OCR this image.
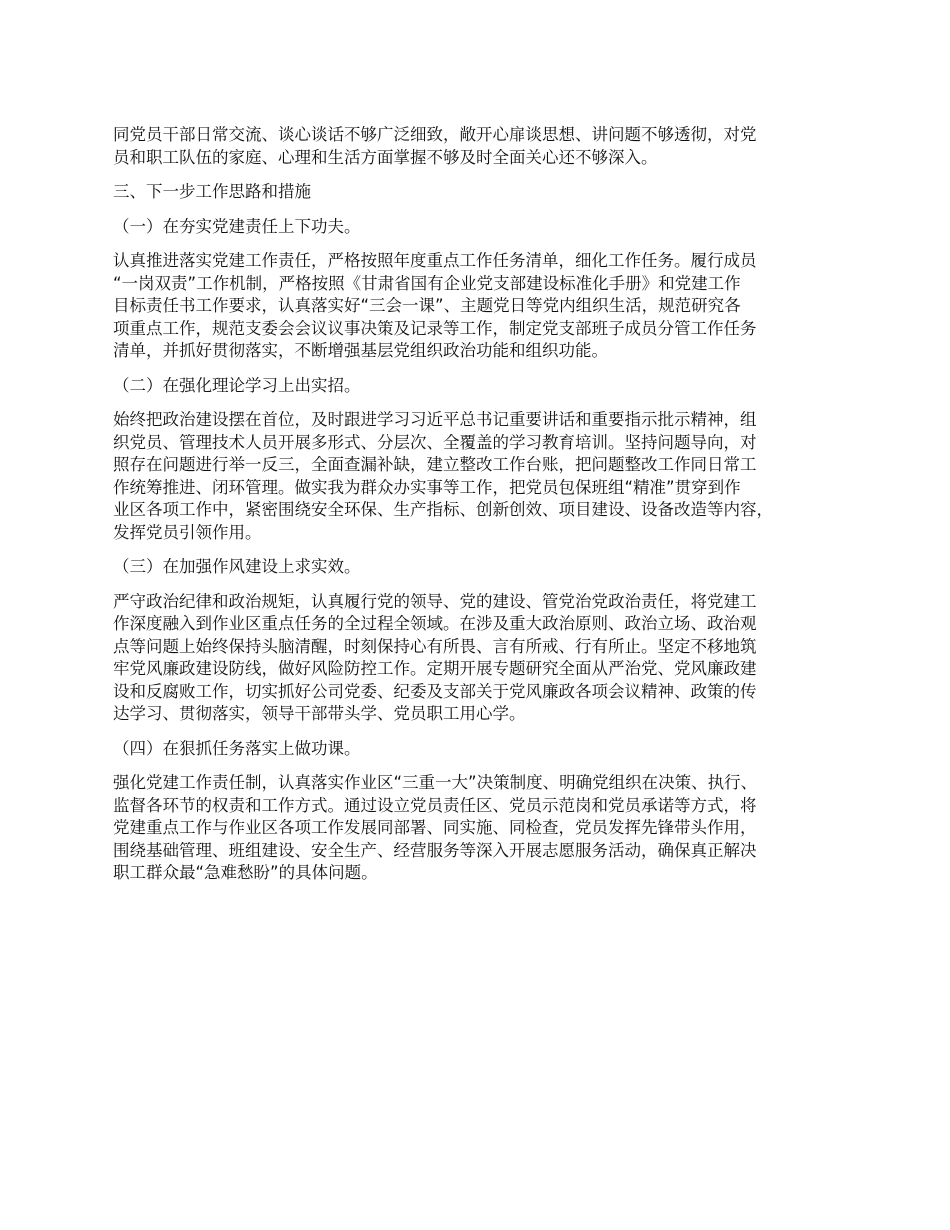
同党员干部日常交流、谈心谈话不够广泛细致，敞开心扉谈思想、讲问题不够透彻，对党
员和职工队伍的家庭、心理和生活方面掌握不够及时全面关心还不够深入。
三、下一步工作思路和措施
（一）在夯实党建责任上下功夫。
认真推进落实党建工作责任，严格按照年度重点工作任务清单，细化工作任务。履行成员
“一岗双责”工作机制，严格按照《甘肃省国有企业党支部建设标准化手册》和党建工作
目标责任书工作要求，认真落实好“三会一课”、主题党日等党内组织生活，规范研究各
项重点工作，规范支委会会议议事决策及记录等工作，制定党支部班子成员分管工作任务
清单，并抓好贯彻落实，不断增强基层党组织政治功能和组织功能。
（二）在强化理论学习上出实招。
始终把政治建设摆在首位，及时跟进学习习近平总书记重要讲话和重要指示批示精神，组
织党员、管理技术人员开展多形式、分层次、全覆盖的学习教育培训。坚持问题导向，对
照存在问题进行举一反三，全面查漏补缺，建立整改工作台账，把问题整改工作同日常工
作统筹推进、闭环管理。做实我为群众办实事等工作，把党员包保班组“精准”贯穿到作
业区各项工作中，紧密围绕安全环保、生产指标、创新创效、项目建设、设备改造等内容，
发挥党员引领作用。
（三）在加强作风建设上求实效。
严守政治纪律和政治规矩，认真履行党的领导、党的建设、管党治党政治责任，将党建工
作深度融入到作业区重点任务的全过程全领域。在涉及重大政治原则、政治立场、政治观
点等问题上始终保持头脑清醒，时刻保持心有所畏、言有所戒、行有所止。坚定不移地筑
牢党风廉政建设防线，做好风险防控工作。定期开展专题研究全面从严治党、党风廉政建
设和反腐败工作，切实抓好公司党委、纪委及支部关于党风廉政各项会议精神、政策的传
达学习、贯彻落实，领导干部带头学、党员职工用心学。
（四）在狠抓任务落实上做功课。
强化党建工作责任制，认真落实作业区“三重一大”决策制度、明确党组织在决策、执行、
监督各环节的权责和工作方式。通过设立党员责任区、党员示范岗和党员承诺等方式，将
党建重点工作与作业区各项工作发展同部署、同实施、同检查，党员发挥先锋带头作用，
围绕基础管理、班组建设、安全生产、经营服务等深入开展志愿服务活动，确保真正解决
职工群众最“急难愁盼”的具体问题。
